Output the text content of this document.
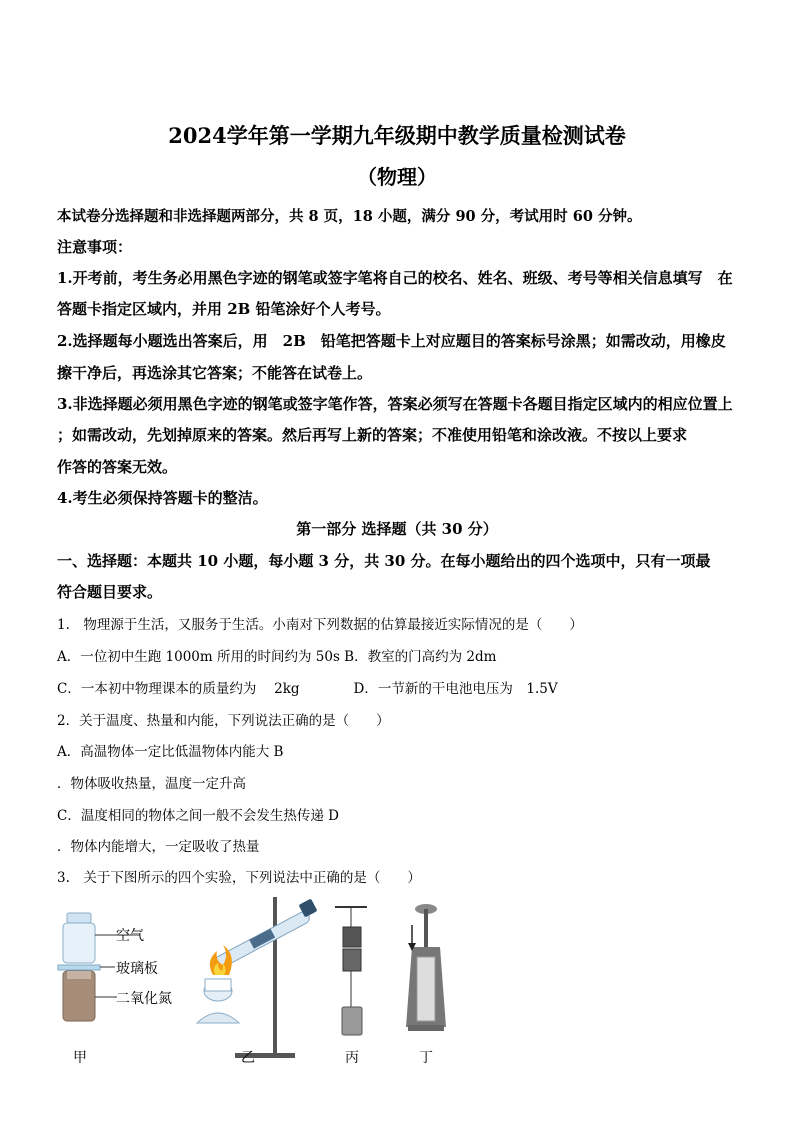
2024学年第一学期九年级期中教学质量检测试卷
（物理）
本试卷分选择题和非选择题两部分，共 8 页，18 小题，满分 90 分，考试用时 60 分钟。
注意事项：
1.开考前，考生务必用黑色字迹的钢笔或签字笔将自己的校名、姓名、班级、考号等相关信息填写　在
答题卡指定区域内，并用 2B 铅笔涂好个人考号。
2.选择题每小题选出答案后，用　2B　铅笔把答题卡上对应题目的答案标号涂黑；如需改动，用橡皮
擦干净后，再选涂其它答案；不能答在试卷上。
3.非选择题必须用黑色字迹的钢笔或签字笔作答，答案必须写在答题卡各题目指定区域内的相应位置上
；如需改动，先划掉原来的答案。然后再写上新的答案；不准使用铅笔和涂改液。不按以上要求
作答的答案无效。
4.考生必须保持答题卡的整洁。
第一部分 选择题（共 30 分）
一、选择题：本题共 10 小题，每小题 3 分，共 30 分。在每小题给出的四个选项中，只有一项最
符合题目要求。
1.　物理源于生活，又服务于生活。小南对下列数据的估算最接近实际情况的是（　　）
A．一位初中生跑 1000m 所用的时间约为 50s B．教室的门高约为 2dm
C．一本初中物理课本的质量约为　 2kg　　　　D．一节新的干电池电压为　1.5V
2．关于温度、热量和内能，下列说法正确的是（　　）
A．高温物体一定比低温物体内能大 B
．物体吸收热量，温度一定升高
C．温度相同的物体之间一般不会发生热传递 D
．物体内能增大，一定吸收了热量
3.　关于下图所示的四个实验，下列说法中正确的是（　　）
空气
玻璃板
二氧化氮
甲	乙	丙	丁
